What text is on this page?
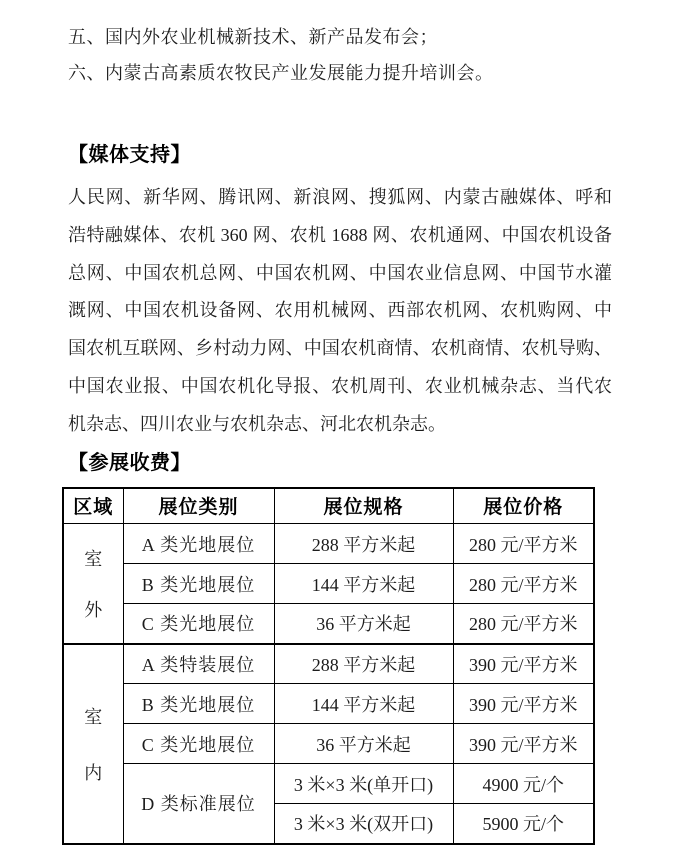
五、国内外农业机械新技术、新产品发布会；
六、内蒙古高素质农牧民产业发展能力提升培训会。
【媒体支持】
人民网、新华网、腾讯网、新浪网、搜狐网、内蒙古融媒体、呼和
浩特融媒体、农机 360 网、农机 1688 网、农机通网、中国农机设备
总网、中国农机总网、中国农机网、中国农业信息网、中国节水灌
溉网、中国农机设备网、农用机械网、西部农机网、农机购网、中
国农机互联网、乡村动力网、中国农机商情、农机商情、农机导购、
中国农业报、中国农机化导报、农机周刊、农业机械杂志、当代农
机杂志、四川农业与农机杂志、河北农机杂志。
【参展收费】
区域	展位类别	展位规格	展位价格

室
外	A 类光地展位	288 平方米起	280 元/平方米
	B 类光地展位	144 平方米起	280 元/平方米
	C 类光地展位	36 平方米起	280 元/平方米

室
内	A 类特装展位	288 平方米起	390 元/平方米
	B 类光地展位	144 平方米起	390 元/平方米
	C 类光地展位	36 平方米起	390 元/平方米
	D 类标准展位	3 米×3 米(单开口)	4900 元/个
		3 米×3 米(双开口)	5900 元/个
